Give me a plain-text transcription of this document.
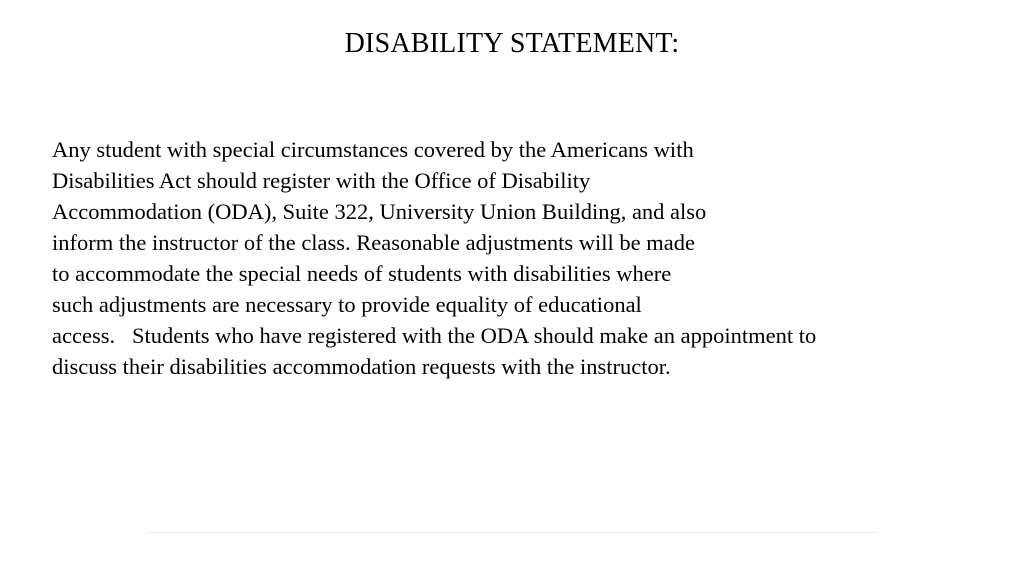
DISABILITY STATEMENT:
Any student with special circumstances covered by the Americans with
Disabilities Act should register with the Office of Disability
Accommodation (ODA), Suite 322, University Union Building, and also
inform the instructor of the class. Reasonable adjustments will be made
to accommodate the special needs of students with disabilities where
such adjustments are necessary to provide equality of educational
access.   Students who have registered with the ODA should make an appointment to
discuss their disabilities accommodation requests with the instructor.
